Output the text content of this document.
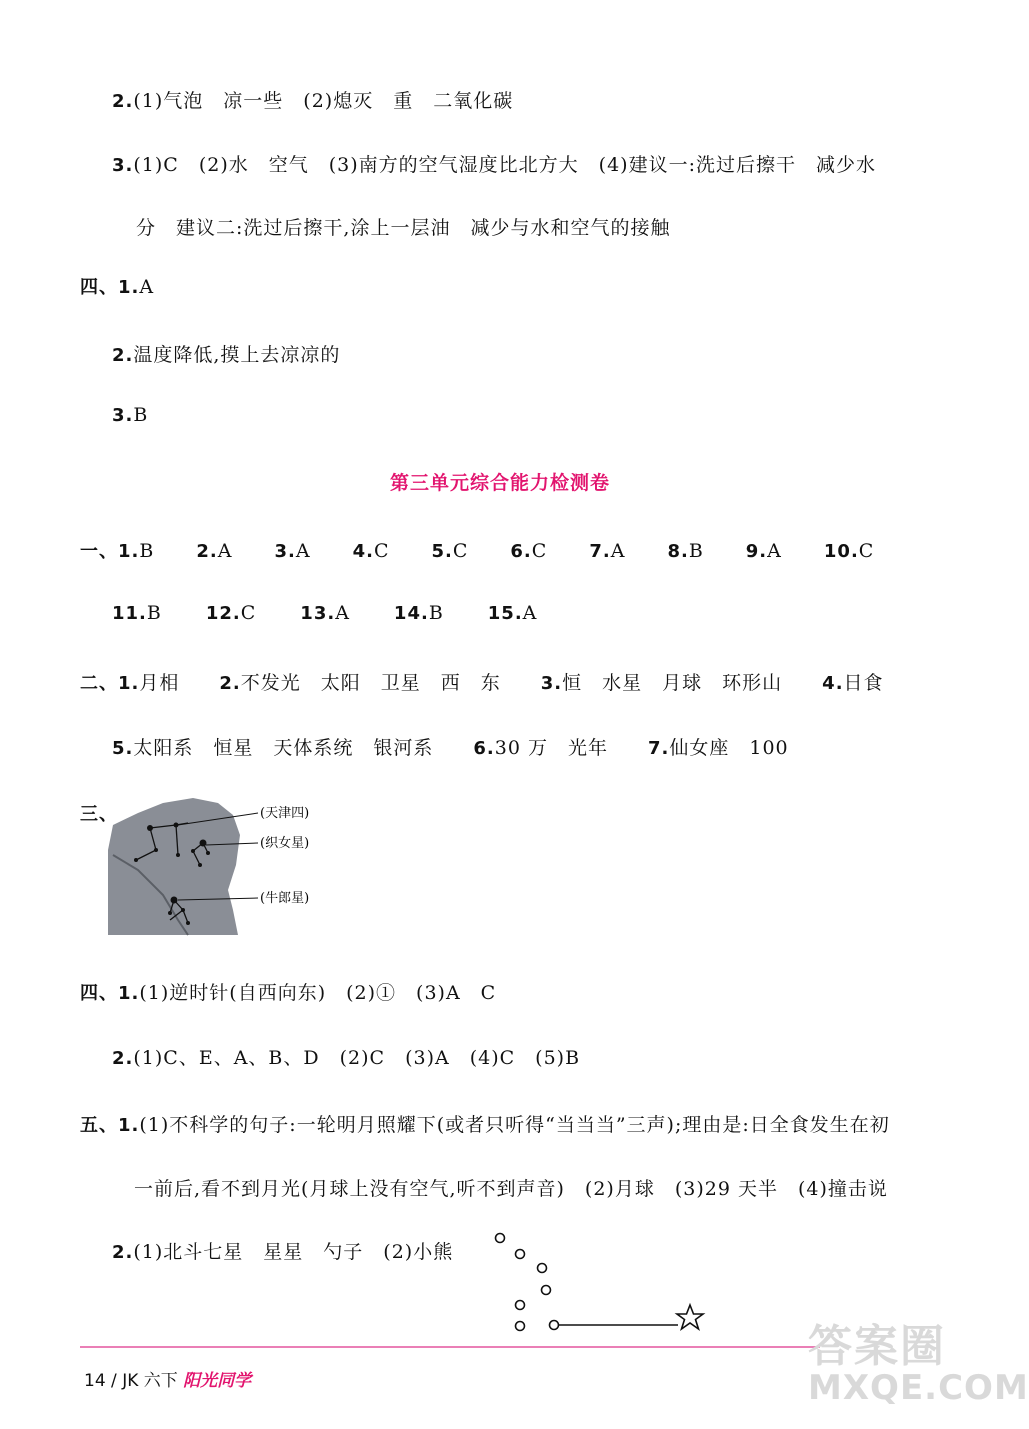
2.(1)气泡　凉一些　(2)熄灭　重　二氧化碳
3.(1)C　(2)水　空气　(3)南方的空气湿度比北方大　(4)建议一:洗过后擦干　减少水
分　建议二:洗过后擦干,涂上一层油　减少与水和空气的接触
四、1.A
2.温度降低,摸上去凉凉的
3.B
第三单元综合能力检测卷
一、1.B 2.A 3.A 4.C 5.C 6.C 7.A 8.B 9.A 10.C
11.B 12.C 13.A 14.B 15.A
二、1.月相 2.不发光　太阳　卫星　西　东 3.恒　水星　月球　环形山 4.日食
5.太阳系　恒星　天体系统　银河系 6.30 万　光年 7.仙女座　100
三、	(天津四)
(织女星)
(牛郎星)
四、1.(1)逆时针(自西向东)　(2)①　(3)A　C
2.(1)C、E、A、B、D　(2)C　(3)A　(4)C　(5)B
五、1.(1)不科学的句子:一轮明月照耀下(或者只听得“当当当”三声);理由是:日全食发生在初
一前后,看不到月光(月球上没有空气,听不到声音)　(2)月球　(3)29 天半　(4)撞击说
2.(1)北斗七星　星星　勺子　(2)小熊
14 / JK 六下 阳光同学
答案圈
MXQE.COM
